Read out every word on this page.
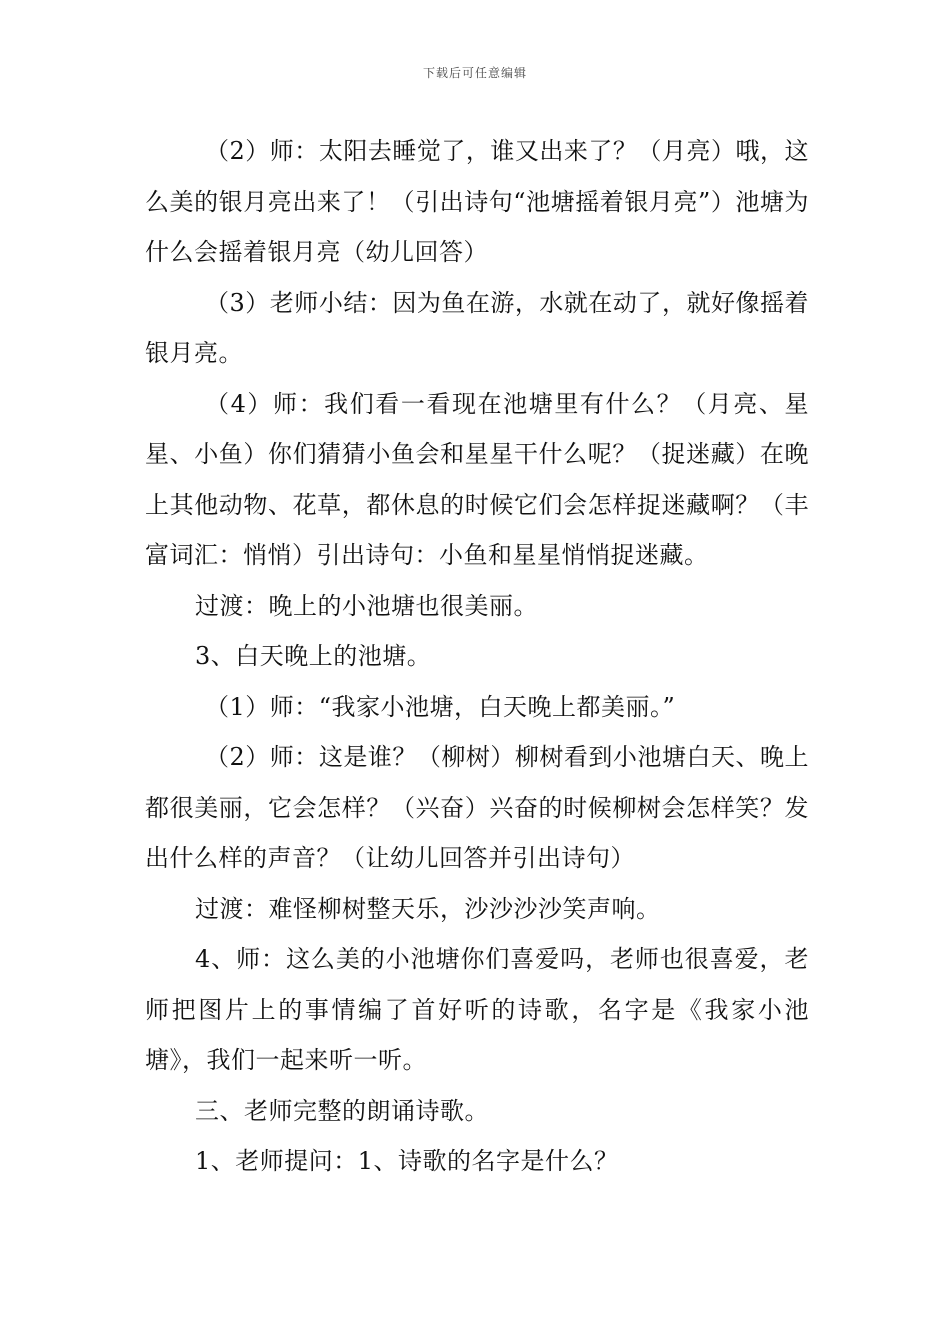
下载后可任意编辑

（2）师：太阳去睡觉了，谁又出来了？（月亮）哦，这么美的银月亮出来了！（引出诗句“池塘摇着银月亮”）池塘为什么会摇着银月亮（幼儿回答）

（3）老师小结：因为鱼在游，水就在动了，就好像摇着银月亮。

（4）师：我们看一看现在池塘里有什么？（月亮、星星、小鱼）你们猜猜小鱼会和星星干什么呢？（捉迷藏）在晚上其他动物、花草，都休息的时候它们会怎样捉迷藏啊？（丰富词汇：悄悄）引出诗句：小鱼和星星悄悄捉迷藏。

过渡：晚上的小池塘也很美丽。

3、白天晚上的池塘。

（1）师：“我家小池塘，白天晚上都美丽。”

（2）师：这是谁？（柳树）柳树看到小池塘白天、晚上都很美丽，它会怎样？（兴奋）兴奋的时候柳树会怎样笑？发出什么样的声音？（让幼儿回答并引出诗句）

过渡：难怪柳树整天乐，沙沙沙沙笑声响。

4、师：这么美的小池塘你们喜爱吗，老师也很喜爱，老师把图片上的事情编了首好听的诗歌，名字是《我家小池塘》，我们一起来听一听。

三、老师完整的朗诵诗歌。

1、老师提问：1、诗歌的名字是什么？
